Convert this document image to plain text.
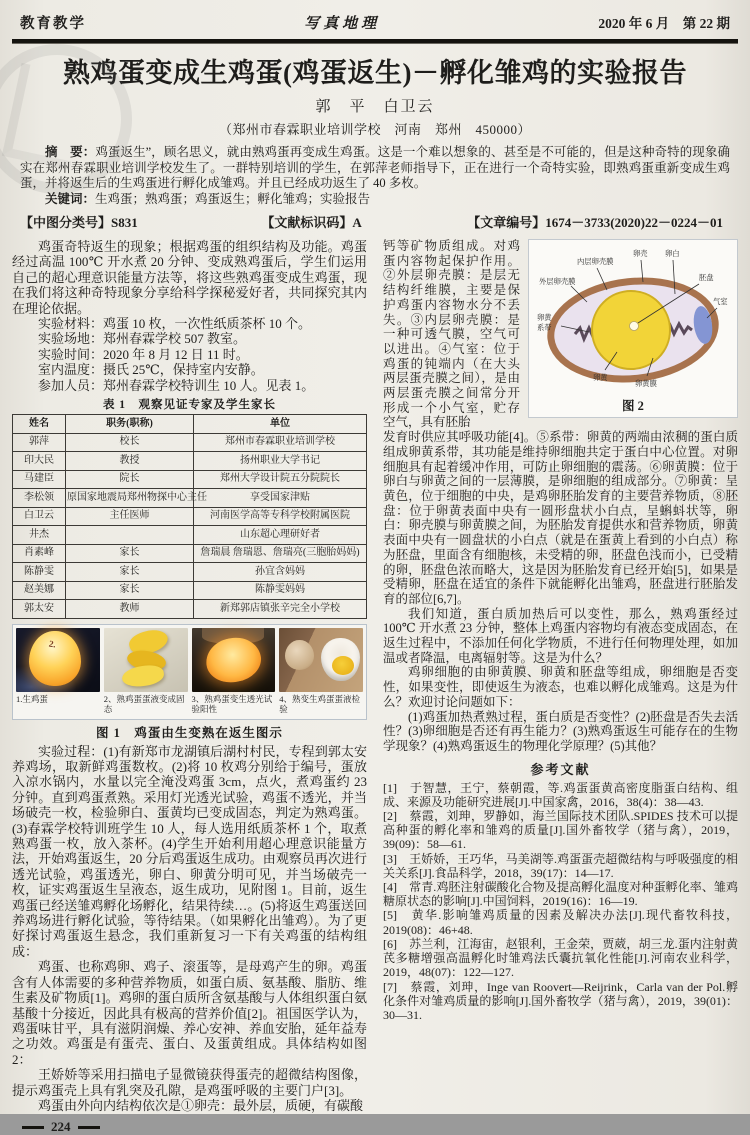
教育教学	写真地理	2020 年 6 月　第 22 期
熟鸡蛋变成生鸡蛋(鸡蛋返生)－孵化雏鸡的实验报告
郭　平　白卫云
（郑州市春霖职业培训学校　河南　郑州　450000）

摘　要：鸡蛋返生”，顾名思义，就由熟鸡蛋再变成生鸡蛋。这是一个难以想象的、甚至是不可能的，但是这种奇特的现象确实在郑州春霖职业培训学校发生了。一群特别培训的学生，在郭萍老师指导下，正在进行一个奇特实验，即熟鸡蛋重新变成生鸡蛋，并将返生后的生鸡蛋进行孵化成雏鸡。并且已经成功返生了 40 多枚。

关键词：生鸡蛋；熟鸡蛋；鸡蛋返生；孵化雏鸡；实验报告

【中图分类号】S831	【文献标识码】A	【文章编号】1674－3733(2020)22－0224－01

鸡蛋奇特返生的现象；根据鸡蛋的组织结构及功能。鸡蛋经过高温 100℃ 开水煮 20 分钟、变成熟鸡蛋后，学生们运用自己的超心理意识能量方法等，将这些熟鸡蛋变成生鸡蛋，现在我们将这种奇特现象分享给科学探秘爱好者，共同探究其内在理论依据。

实验材料：鸡蛋 10 枚，一次性纸质茶杯 10 个。

实验场地：郑州春霖学校 507 教室。

实验时间：2020 年 8 月 12 日 11 时。

室内温度：摄氏 25℃，保持室内安静。

参加人员：郑州春霖学校特训生 10 人。见表 1。

表 1　观察见证专家及学生家长
姓名	职务(职称)	单位
郭萍	校长	郑州市春霖职业培训学校
印大民	教授	扬州职业大学书记
马建臣	院长	郑州大学设计院五分院院长
李松领	原国家地震局郑州物探中心主任	享受国家津贴
白卫云	主任医师	河南医学高等专科学校附属医院
井杰		山东超心理研好者
肖素峰	家长	詹瑞晨 詹瑞恩、詹瑞亮(三胞胎妈妈)
陈静雯	家长	孙宜含妈妈
赵美娜	家长	陈静雯妈妈
郭太安	教师	新郑郭店镇张辛完全小学校
2.
1.生鸡蛋	2、熟鸡蛋蛋液变成固态
3、熟鸡蛋变生透光试验阳性
4、熟变生鸡蛋蛋液检验
图 1　鸡蛋由生变熟在返生图示

实验过程：(1)有新郑市龙湖镇后湖村村民，专程到郭太安养鸡场，取新鲜鸡蛋数枚。(2)将 10 枚鸡分别给于编号，蛋放入凉水锅内，水量以完全淹没鸡蛋 3cm，点火，煮鸡蛋约 23 分钟。直到鸡蛋煮熟。采用灯光透光试验，鸡蛋不透光，并当场破壳一枚，检验卵白、蛋黄均已变成固态，判定为熟鸡蛋。(3)春霖学校特训班学生 10 人，每人选用纸质茶杯 1 个，取煮熟鸡蛋一枚，放入茶杯。(4)学生开始利用超心理意识能量方法，开始鸡蛋返生，20 分后鸡蛋返生成功。由观察员再次进行透光试验，鸡蛋透光，卵白、卵黄分明可见，并当场破壳一枚，证实鸡蛋返生呈液态，返生成功，见附图 1。目前，返生鸡蛋已经送雏鸡孵化场孵化，结果待续…。(5)将返生鸡蛋送回养鸡场进行孵化试验，等待结果。（如果孵化出雏鸡）。为了更好探讨鸡蛋返生悬念，我们重新复习一下有关鸡蛋的结构组成：

鸡蛋、也称鸡卵、鸡子、滚蛋等，是母鸡产生的卵。鸡蛋含有人体需要的多种营养物质，如蛋白质、氨基酸、脂肪、维生素及矿物质[1]。鸡卵的蛋白质所含氨基酸与人体组织蛋白氨基酸十分接近，因此具有极高的营养价值[2]。祖国医学认为，鸡蛋味甘平，具有滋阴润燥、养心安神、养血安胎，延年益寿之功效。鸡蛋是有蛋壳、蛋白、及蛋黄组成。具体结构如图 2：

王娇娇等采用扫描电子显微镜获得蛋壳的超微结构图像，提示鸡蛋壳上具有乳突及孔隙，是鸡蛋呼吸的主要门户[3]。

鸡蛋由外向内结构依次是①卵壳：最外层，质硬，有碳酸

224
外层卵壳膜
内层卵壳膜
卵壳 卵白
胚盘
气室
卵黄
系带
卵黄
卵黄膜
图 2

钙等矿物质组成。对鸡蛋内容物起保护作用。②外层卵壳膜：是层无结构纤维膜，主要是保护鸡蛋内容物水分不丢失。③内层卵壳膜：是一种可透气膜，空气可以进出。④气室：位于鸡蛋的钝端内（在大头两层蛋壳膜之间），是由两层蛋壳膜之间常分开形成一个小气室，贮存空气，具有胚胎

发育时供应其呼吸功能[4]。⑤系带：卵黄的两端由浓稠的蛋白质组成卵黄系带，其功能是维持卵细胞共定于蛋白中心位置。对卵细胞具有起着缓冲作用，可防止卵细胞的震荡。⑥卵黄膜：位于卵白与卵黄之间的一层薄膜，是卵细胞的组成部分。⑦卵黄：呈黄色，位于细胞的中央，是鸡卵胚胎发育的主要营养物质，⑧胚盘：位于卵黄表面中央有一圆形盘状小白点，呈蝌蚪状等，卵白：卵壳膜与卵黄膜之间，为胚胎发育提供水和营养物质，卵黄表面中央有一圆盘状的小白点（就是在蛋黄上看到的小白点）称为胚盘，里面含有细胞核，未受精的卵，胚盘色浅而小，已受精的卵，胚盘色浓而略大，这是因为胚胎发育已经开始[5]，如果是受精卵，胚盘在适宜的条件下就能孵化出雏鸡，胚盘进行胚胎发育的部位[6,7]。

我们知道，蛋白质加热后可以变性，那么，熟鸡蛋经过 100℃ 开水煮 23 分钟，整体上鸡蛋内容物均有液态变成固态，在返生过程中，不添加任何化学物质，不进行任何物理处理，如加温或者降温，电离辐射等。这是为什么？

鸡卵细胞的由卵黄膜、卵黄和胚盘等组成，卵细胞是否变性，如果变性，即使返生为液态，也难以孵化成雏鸡。这是为什么？欢迎讨论问题如下：

(1)鸡蛋加热煮熟过程，蛋白质是否变性？(2)胚盘是否失去活性？(3)卵细胞是否还有再生能力？(3)熟鸡蛋返生可能存在的生物学现象？(4)熟鸡蛋返生的物理化学原理？(5)其他？

参考文献

[1]　于智慧，王宁，蔡朝霞，等.鸡蛋蛋黄高密度脂蛋白结构、组成、来源及功能研究进展[J].中国家禽，2016，38(4)：38—43.

[2]　蔡霞，刘珅，罗静如，海兰国际技术团队.SPIDES 技术可以提高种蛋的孵化率和雏鸡的质量[J].国外畜牧学（猪与禽），2019，39(09)：58—61.

[3]　王娇娇，王巧华，马美湖等.鸡蛋蛋壳超微结构与呼吸强度的相关关系[J].食品科学，2018，39(17)：14—17.

[4]　常青.鸡胚注射碳酸化合物及提高孵化温度对种蛋孵化率、雏鸡糖原状态的影响[J].中国饲料，2019(16)：16—19.

[5]　黄华.影响雏鸡质量的因素及解决办法[J].现代畜牧科技，2019(08)：46+48.

[6]　苏兰利，江海宙，赵银利，王金荣，贾葳，胡三龙.蛋内注射黄芪多糖增强高温孵化时雏鸡法氏囊抗氧化性能[J].河南农业科学，2019，48(07)：122—127.

[7]　蔡霞，刘珅，Inge van Roovert—Reijrink，Carla van der Pol.孵化条件对雏鸡质量的影响[J].国外畜牧学（猪与禽），2019，39(01)：30—31.
